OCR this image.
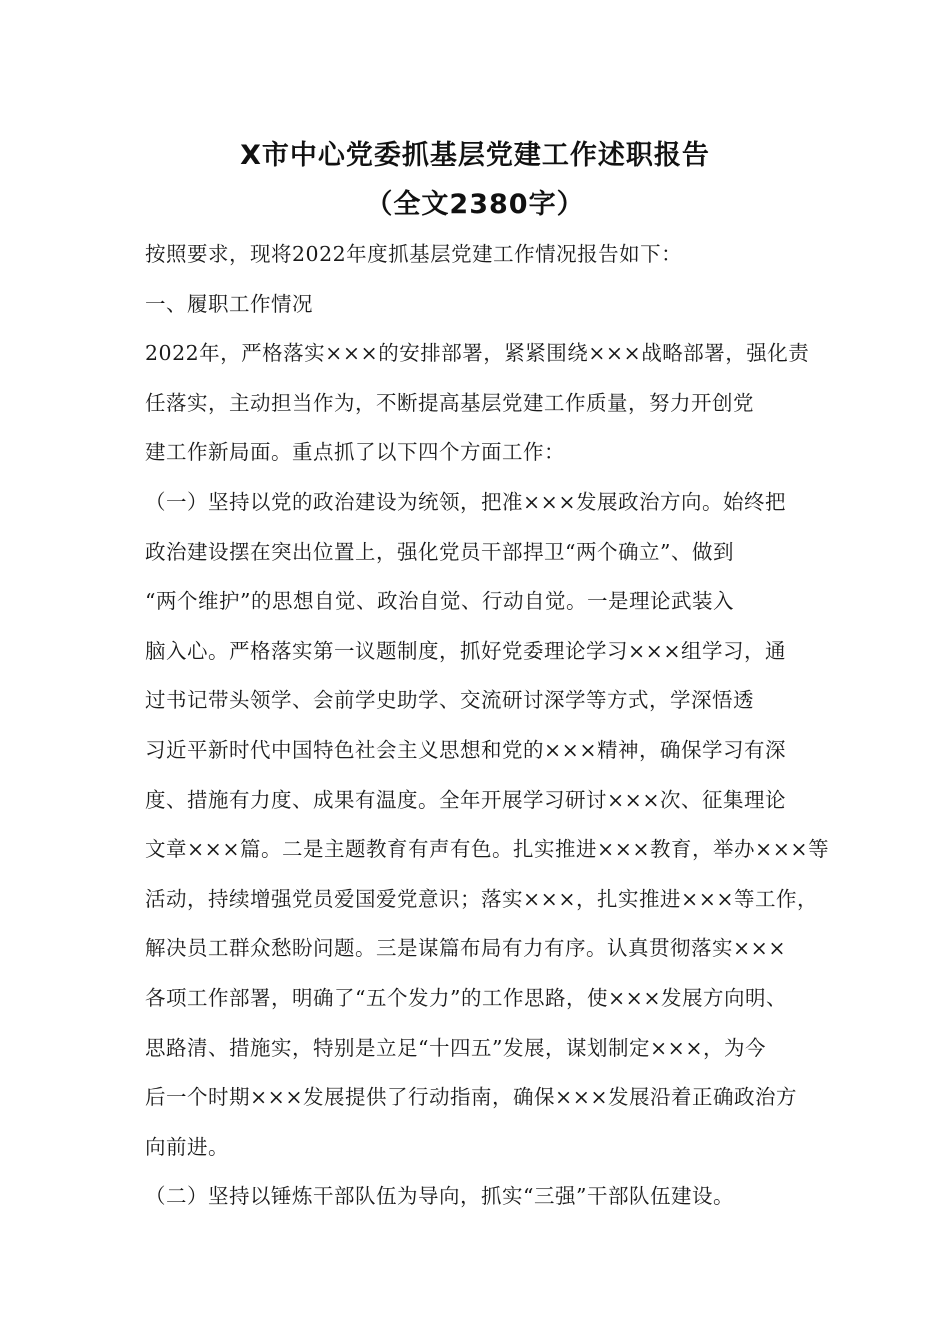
X市中心党委抓基层党建工作述职报告
（全文2380字）
按照要求，现将2022年度抓基层党建工作情况报告如下：
一、履职工作情况
2022年，严格落实×××的安排部署，紧紧围绕×××战略部署，强化责
任落实，主动担当作为，不断提高基层党建工作质量，努力开创党
建工作新局面。重点抓了以下四个方面工作：
（一）坚持以党的政治建设为统领，把准×××发展政治方向。始终把
政治建设摆在突出位置上，强化党员干部捍卫“两个确立”、做到
“两个维护”的思想自觉、政治自觉、行动自觉。一是理论武装入
脑入心。严格落实第一议题制度，抓好党委理论学习×××组学习，通
过书记带头领学、会前学史助学、交流研讨深学等方式，学深悟透
习近平新时代中国特色社会主义思想和党的×××精神，确保学习有深
度、措施有力度、成果有温度。全年开展学习研讨×××次、征集理论
文章×××篇。二是主题教育有声有色。扎实推进×××教育，举办×××等
活动，持续增强党员爱国爱党意识；落实×××，扎实推进×××等工作，
解决员工群众愁盼问题。三是谋篇布局有力有序。认真贯彻落实×××
各项工作部署，明确了“五个发力”的工作思路，使×××发展方向明、
思路清、措施实，特别是立足“十四五”发展，谋划制定×××，为今
后一个时期×××发展提供了行动指南，确保×××发展沿着正确政治方
向前进。
（二）坚持以锤炼干部队伍为导向，抓实“三强”干部队伍建设。
